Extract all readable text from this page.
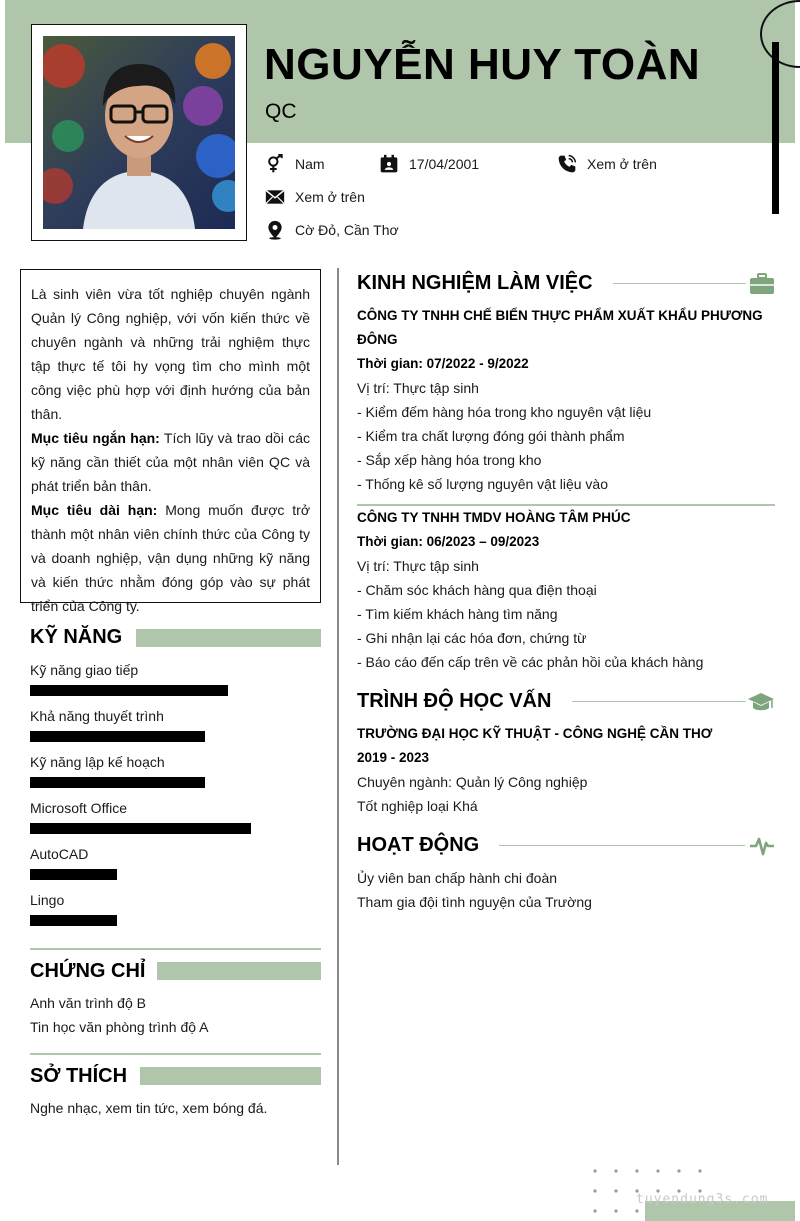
NGUYỄN HUY TOÀN
QC
Nam	17/04/2001	Xem ở trên
Xem ở trên
Cờ Đỏ, Cần Thơ

Là sinh viên vừa tốt nghiệp chuyên ngành Quản lý Công nghiệp, với vốn kiến thức về chuyên ngành và những trải nghiệm thực tập thực tế tôi hy vọng tìm cho mình một công việc phù hợp với định hướng của bản thân.

Mục tiêu ngắn hạn: Tích lũy và trao dồi các kỹ năng cần thiết của một nhân viên QC và phát triển bản thân.

Mục tiêu dài hạn: Mong muốn được trở thành một nhân viên chính thức của Công ty và doanh nghiệp, vận dụng những kỹ năng và kiến thức nhằm đóng góp vào sự phát triển của Công ty.

KỸ NĂNG
Kỹ năng giao tiếp
Khả năng thuyết trình
Kỹ năng lập kế hoạch
Microsoft Office
AutoCAD
Lingo
CHỨNG CHỈ
Anh văn trình độ B
Tin học văn phòng trình độ A
SỞ THÍCH
Nghe nhạc, xem tin tức, xem bóng đá.
KINH NGHIỆM LÀM VIỆC
CÔNG TY TNHH CHẾ BIẾN THỰC PHẨM XUẤT KHẨU PHƯƠNG
ĐÔNG
Thời gian: 07/2022 - 9/2022
Vị trí: Thực tập sinh
- Kiểm đếm hàng hóa trong kho nguyên vật liệu
- Kiểm tra chất lượng đóng gói thành phẩm
- Sắp xếp hàng hóa trong kho
- Thống kê số lượng nguyên vật liệu vào
CÔNG TY TNHH TMDV HOÀNG TÂM PHÚC
Thời gian: 06/2023 – 09/2023
Vị trí: Thực tập sinh
- Chăm sóc khách hàng qua điện thoại
- Tìm kiếm khách hàng tìm năng
- Ghi nhận lại các hóa đơn, chứng từ
- Báo cáo đến cấp trên về các phản hồi của khách hàng
TRÌNH ĐỘ HỌC VẤN
TRƯỜNG ĐẠI HỌC KỸ THUẬT - CÔNG NGHỆ CẦN THƠ
2019 - 2023
Chuyên ngành: Quản lý Công nghiệp
Tốt nghiệp loại Khá
HOẠT ĐỘNG
Ủy viên ban chấp hành chi đoàn
Tham gia đội tình nguyện của Trường
tuyendung3s.com
